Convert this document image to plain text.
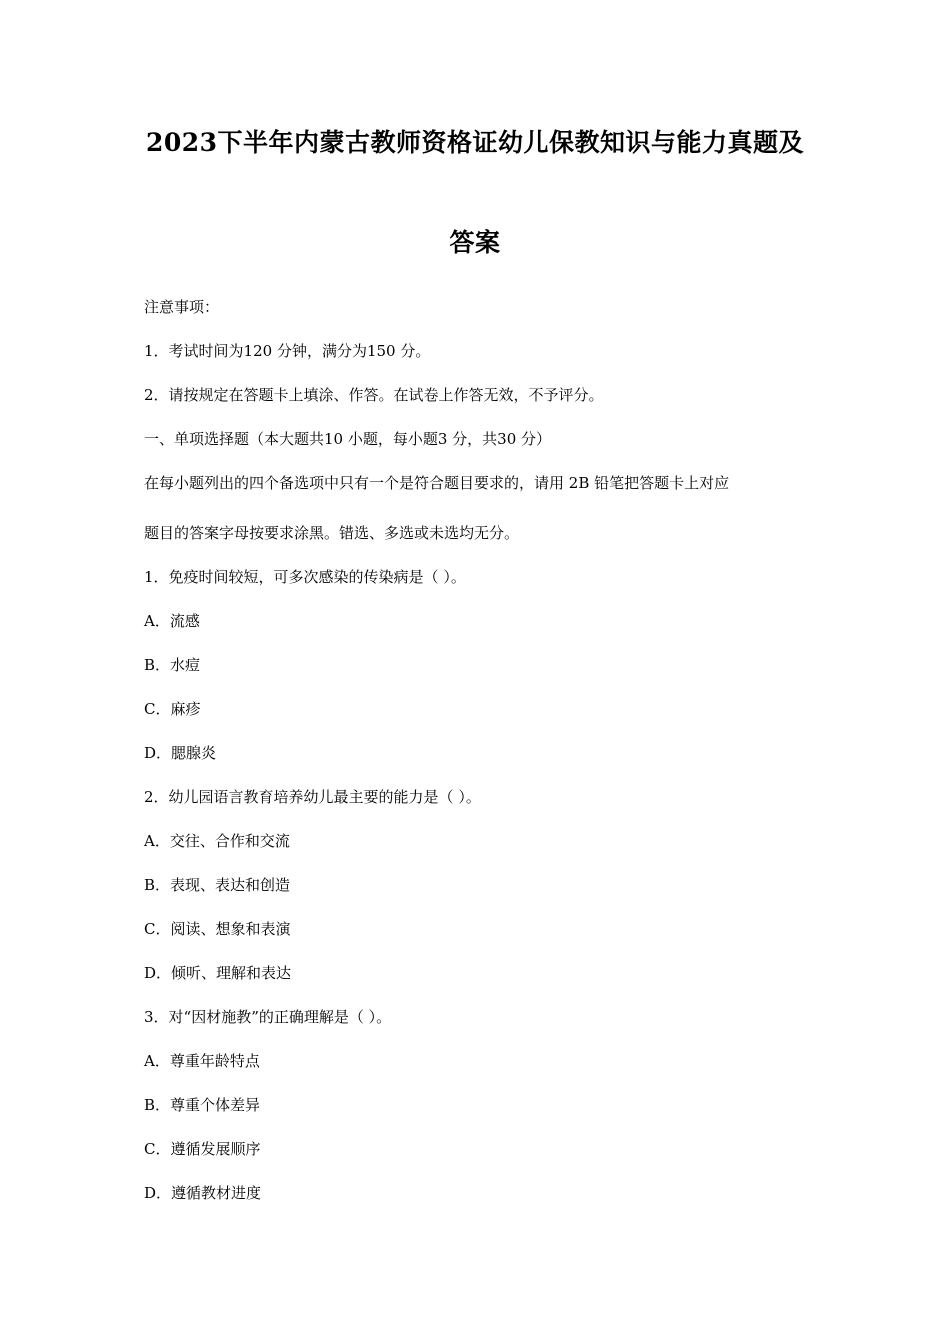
2023下半年内蒙古教师资格证幼儿保教知识与能力真题及
答案
注意事项：
1．考试时间为120 分钟，满分为150 分。
2．请按规定在答题卡上填涂、作答。在试卷上作答无效，不予评分。
一、单项选择题（本大题共10 小题，每小题3 分，共30 分）
在每小题列出的四个备选项中只有一个是符合题目要求的，请用 2B 铅笔把答题卡上对应
题目的答案字母按要求涂黑。错选、多选或未选均无分。
1．免疫时间较短，可多次感染的传染病是（ ）。
A．流感
B．水痘
C．麻疹
D．腮腺炎
2．幼儿园语言教育培养幼儿最主要的能力是（ ）。
A．交往、合作和交流
B．表现、表达和创造
C．阅读、想象和表演
D．倾听、理解和表达
3．对“因材施教”的正确理解是（ ）。
A．尊重年龄特点
B．尊重个体差异
C．遵循发展顺序
D．遵循教材进度
